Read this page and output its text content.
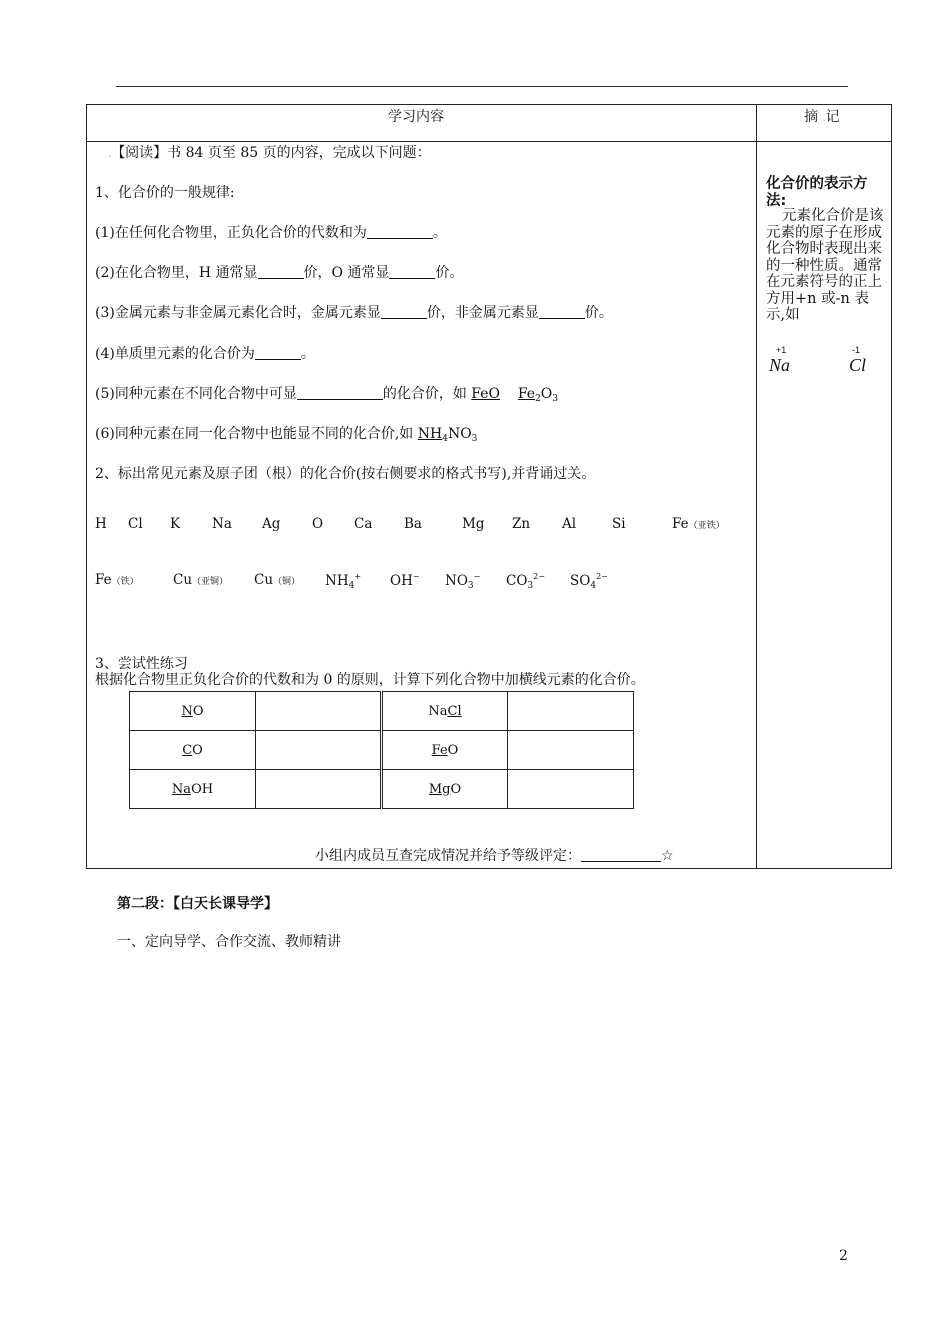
学习内容	摘 .记
.【阅读】书 84 页至 85 页的内容，完成以下问题：
1、化合价的一般规律:
(1)在任何化合物里，正负化合价的代数和为	。
(2)在化合物里，H 通常显	价，O 通常显	价。
(3)金属元素与非金属元素化合时，金属元素显	价，非金属元素显	价。
(4)单质里元素的化合价为	。
(5)同种元素在不同化合物中可显	的化合价，如 FeO $Fe_2O_3$
(6)同种元素在同一化合物中也能显不同的化合价,如 $NH_4NO_3$
2、标出常见元素及原子团（根）的化合价(按右侧要求的格式书写),并背诵过关。
H Cl K Na Ag O Ca Ba	Mg Zn Al	Si	Fe（亚铁）
Fe（铁）	Cu（亚铜） Cu（铜） $NH_4^+$ OH− $NO_3^-$ $CO_3^{2-}$ $SO_4^{2-}$
3、尝试性练习
根据化合物里正负化合价的代数和为 0 的原则，计算下列化合物中加横线元素的化合价。
NO		NaCl	
CO		FeO	
NaOH		MgO	
小组内成员互查完成情况并给予等级评定：	☆
化合价的表示方法:
元素化合价是该元素的原子在形成化合物时表现出来的一种性质。通常在元素符号的正上方用+n 或-n 表示,如
+1
Na
-1
Cl
第二段：【白天长课导学】
一、定向导学、合作交流、教师精讲
2
